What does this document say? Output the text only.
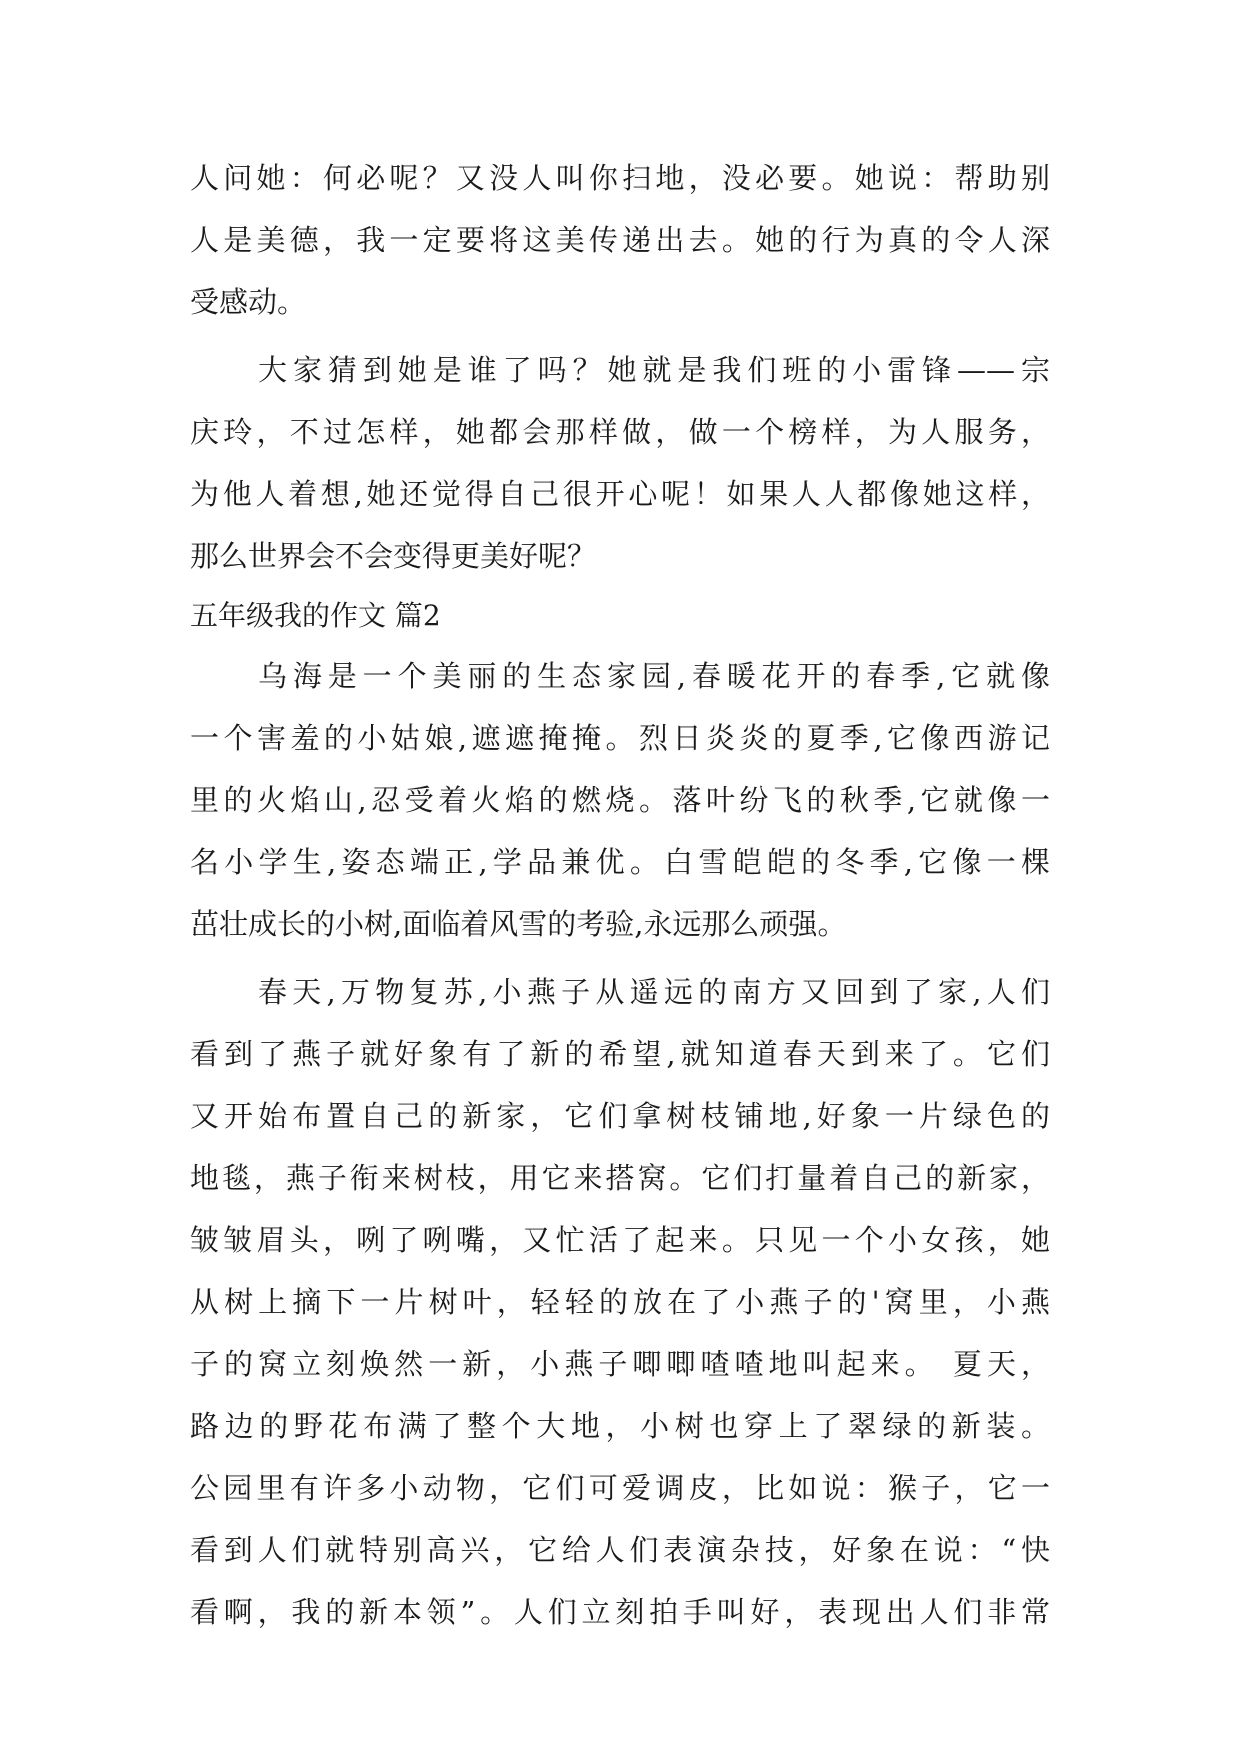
人问她：何必呢？又没人叫你扫地，没必要。她说：帮助别
人是美德，我一定要将这美传递出去。她的行为真的令人深
受感动。
大家猜到她是谁了吗？她就是我们班的小雷锋——宗
庆玲，不过怎样，她都会那样做，做一个榜样，为人服务，
为他人着想,她还觉得自己很开心呢！如果人人都像她这样，
那么世界会不会变得更美好呢？
五年级我的作文 篇2
乌海是一个美丽的生态家园,春暖花开的春季,它就像
一个害羞的小姑娘,遮遮掩掩。烈日炎炎的夏季,它像西游记
里的火焰山,忍受着火焰的燃烧。落叶纷飞的秋季,它就像一
名小学生,姿态端正,学品兼优。白雪皑皑的冬季,它像一棵
茁壮成长的小树,面临着风雪的考验,永远那么顽强。
春天,万物复苏,小燕子从遥远的南方又回到了家,人们
看到了燕子就好象有了新的希望,就知道春天到来了。它们
又开始布置自己的新家，它们拿树枝铺地,好象一片绿色的
地毯，燕子衔来树枝，用它来搭窝。它们打量着自己的新家，
皱皱眉头，咧了咧嘴，又忙活了起来。只见一个小女孩，她
从树上摘下一片树叶，轻轻的放在了小燕子的'窝里，小燕
子的窝立刻焕然一新，小燕子唧唧喳喳地叫起来。 夏天，
路边的野花布满了整个大地，小树也穿上了翠绿的新装。
公园里有许多小动物，它们可爱调皮，比如说：猴子，它一
看到人们就特别高兴，它给人们表演杂技，好象在说：“快
看啊，我的新本领”。人们立刻拍手叫好，表现出人们非常
